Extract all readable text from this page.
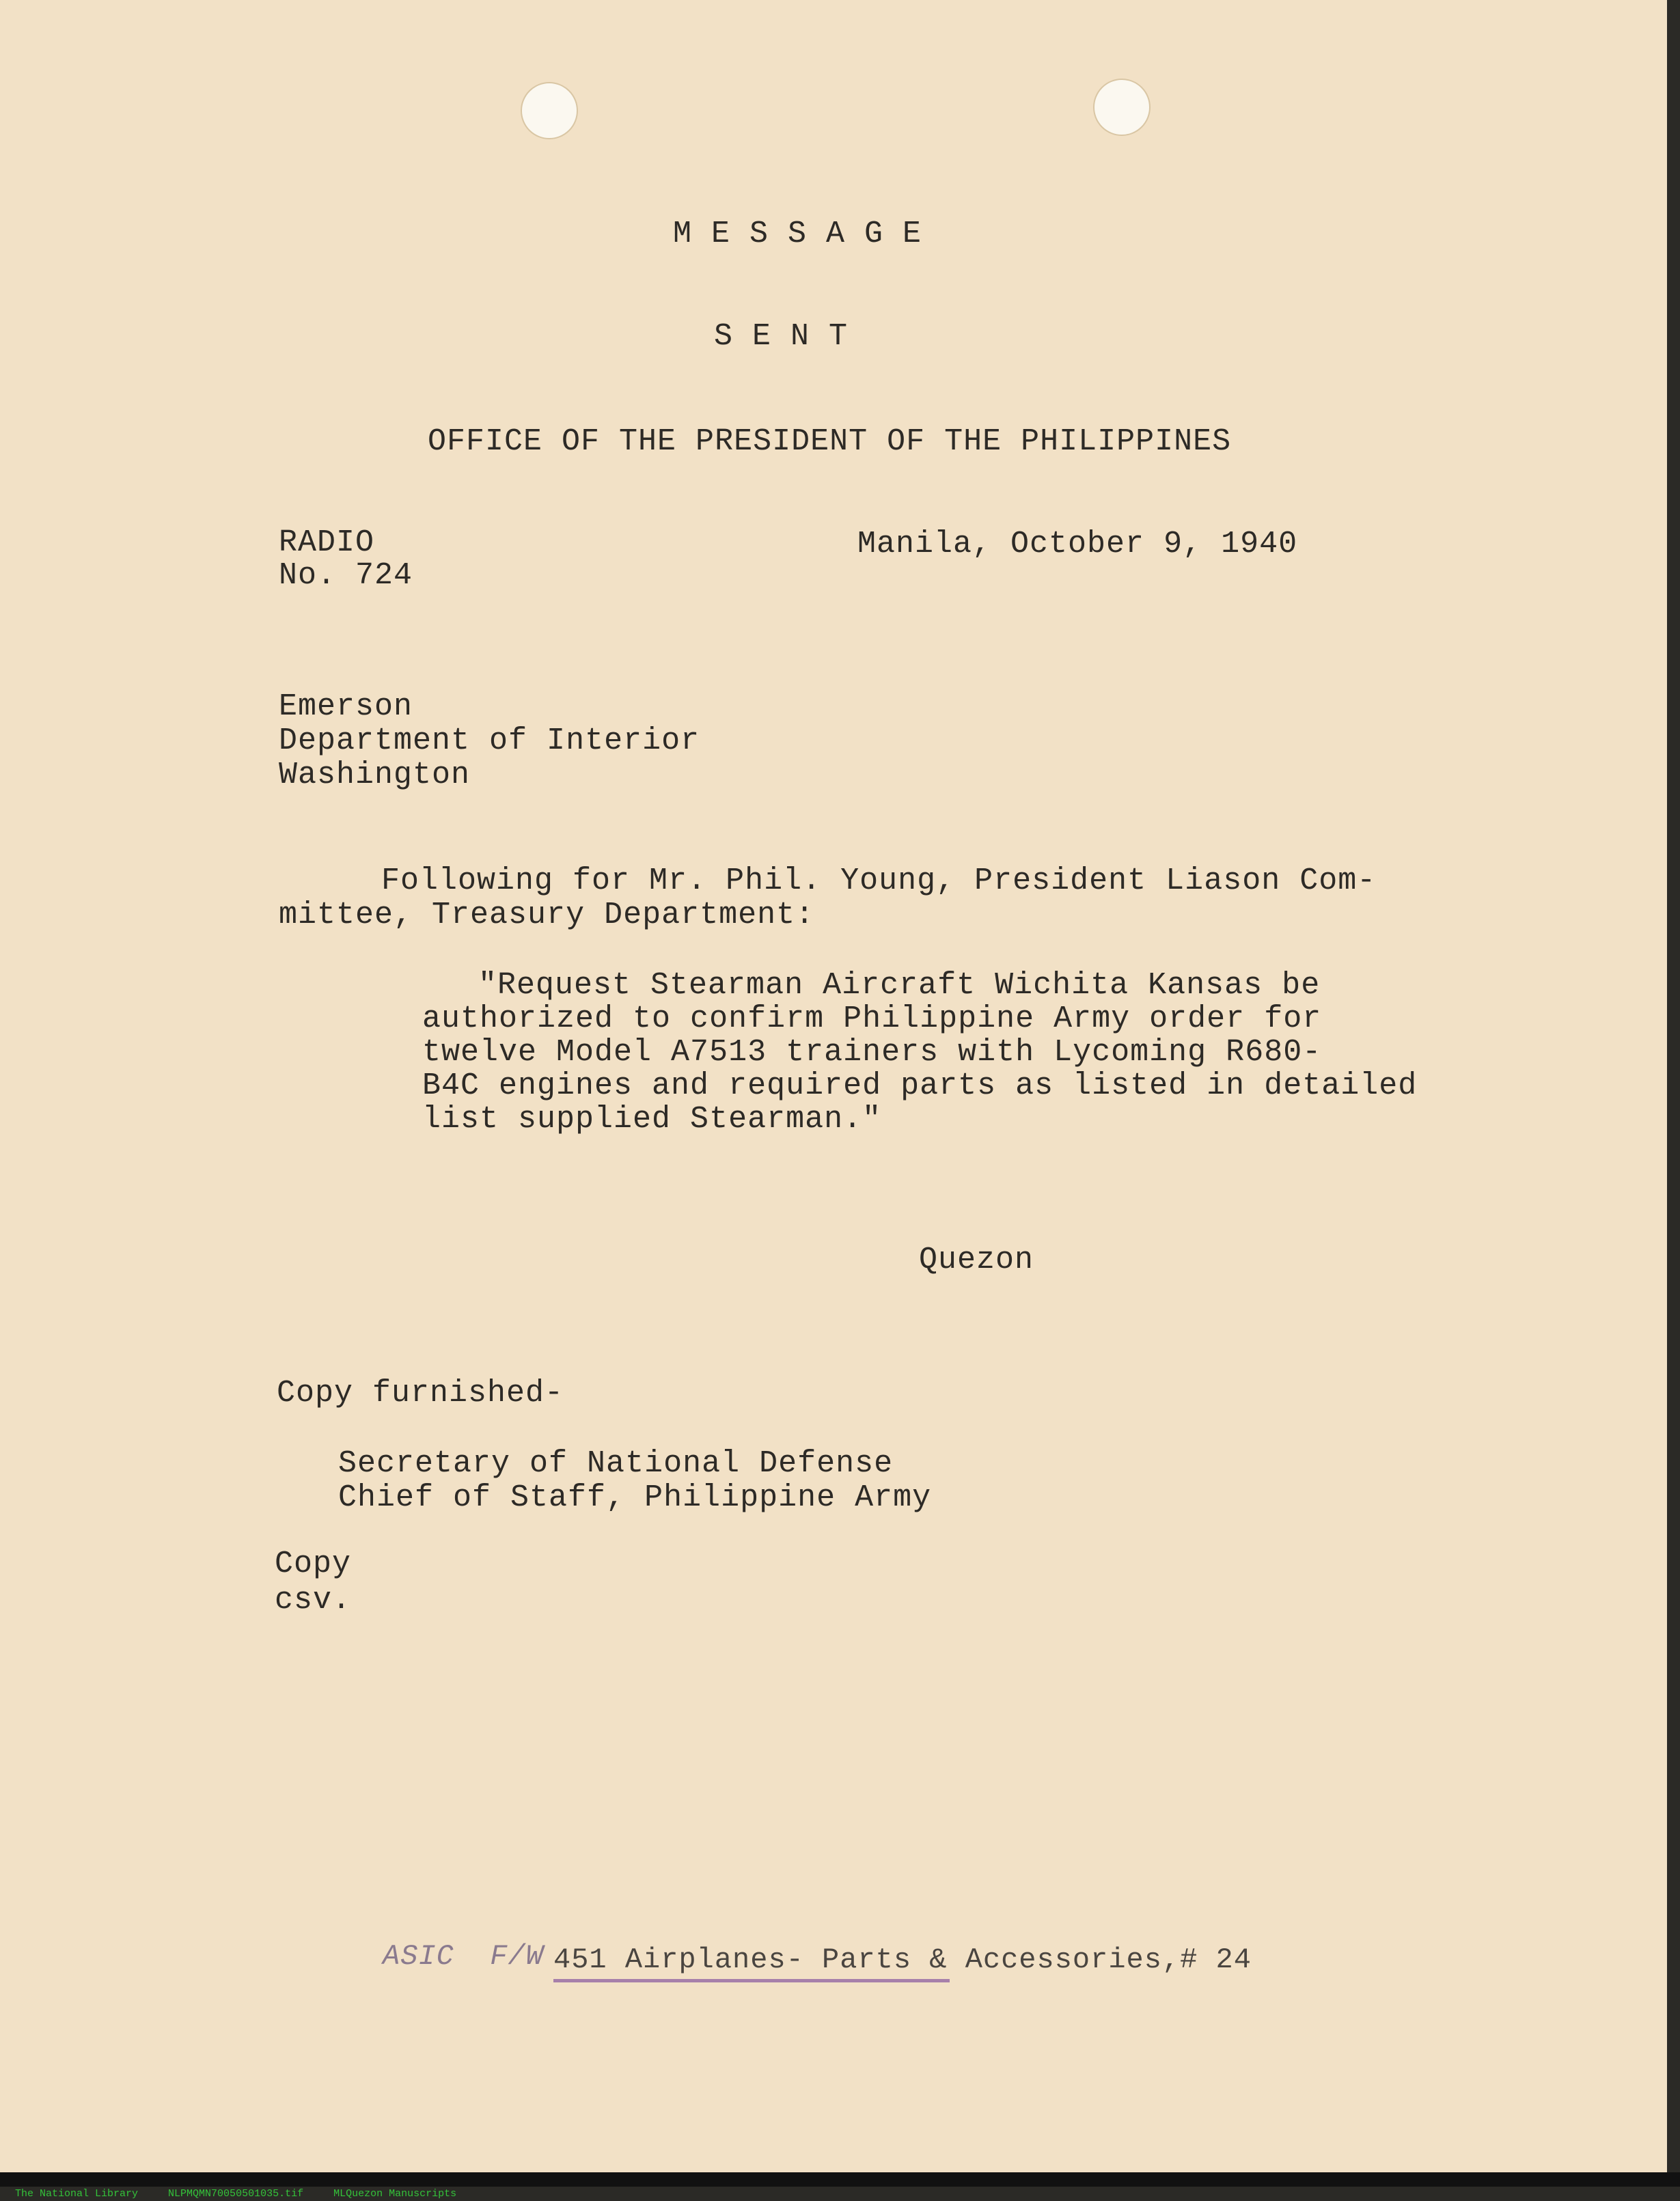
M E S S A G E
S E N T
OFFICE OF THE PRESIDENT OF THE PHILIPPINES
RADIO
No. 724
Manila, October 9, 1940
Emerson
Department of Interior
Washington
Following for Mr. Phil. Young, President Liason Com-
mittee, Treasury Department:
"Request Stearman Aircraft Wichita Kansas be
authorized to confirm Philippine Army order for
twelve Model A7513 trainers with Lycoming R680-
B4C engines and required parts as listed in detailed
list supplied Stearman."
Quezon
Copy furnished-
Secretary of National Defense
Chief of Staff, Philippine Army
Copy
csv.
ASIC  F/W 451 Airplanes- Parts & Accessories,# 24

The National Library	NLPMQMN70050501035.tif	MLQuezon Manuscripts
